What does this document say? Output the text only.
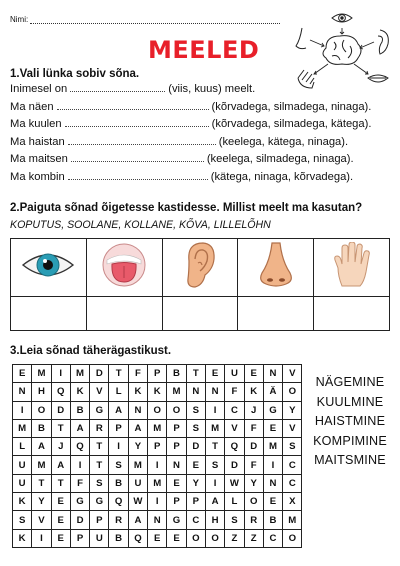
Nimi:
MEELED
1.Vali lünka sobiv sõna.
Inimesel on	(viis, kuus) meelt.
Ma näen	(kõrvadega, silmadega, ninaga).
Ma kuulen	(kõrvadega, silmadega, kätega).
Ma haistan	(keelega, kätega, ninaga).
Ma maitsen	(keelega, silmadega, ninaga).
Ma kombin	(kätega, ninaga, kõrvadega).
2.Paiguta sõnad õigetesse kastidesse. Millist meelt ma kasutan?
KOPUTUS, SOOLANE, KOLLANE, KÕVA, LILLELÕHN

3.Leia sõnad täherägastikust.
E	M	I	M	D	T	F	P	B	T	E	U	E	N	V
N	H	Q	K	V	L	K	K	M	N	N	F	K	Ä	O
I	O	D	B	G	A	N	O	O	S	I	C	J	G	Y
M	B	T	A	R	P	A	M	P	S	M	V	F	E	V
L	A	J	Q	T	I	Y	P	P	D	T	Q	D	M	S
U	M	A	I	T	S	M	I	N	E	S	D	F	I	C
U	T	T	F	S	B	U	M	E	Y	I	W	Y	N	C
K	Y	E	G	G	Q	W	I	P	P	A	L	O	E	X
S	V	E	D	P	R	A	N	G	C	H	S	R	B	M
K	I	E	P	U	B	Q	E	E	O	O	Z	Z	C	O
NÄGEMINE
KUULMINE
HAISTMINE
KOMPIMINE
MAITSMINE
